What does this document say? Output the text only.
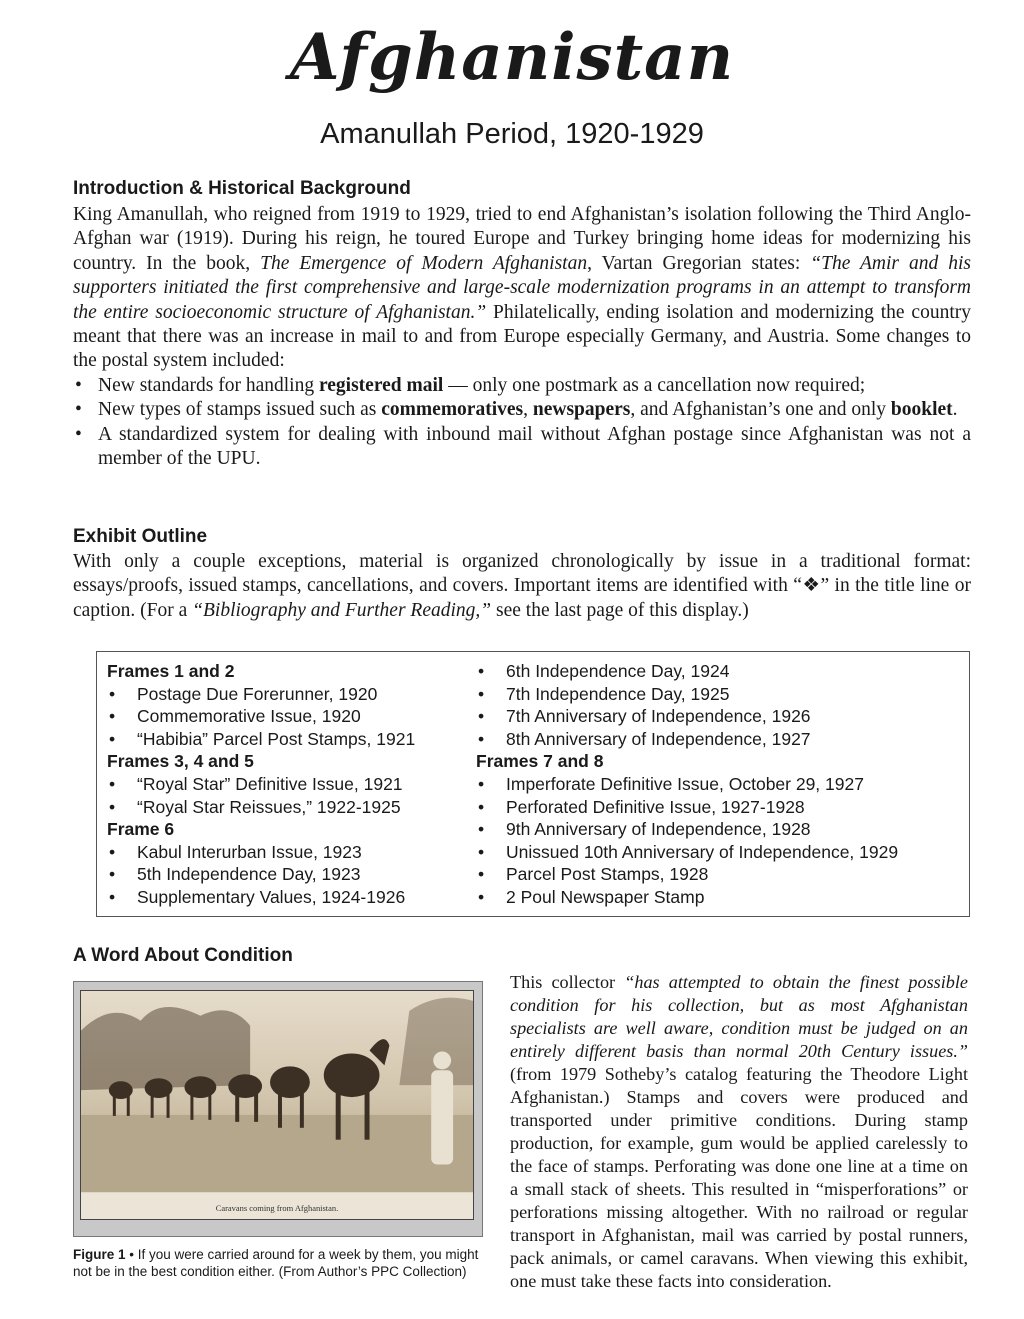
Afghanistan
Amanullah Period, 1920-1929
Introduction & Historical Background

King Amanullah, who reigned from 1919 to 1929, tried to end Afghanistan’s isolation following the Third Anglo-Afghan war (1919). During his reign, he toured Europe and Turkey bringing home ideas for modernizing his country. In the book, The Emergence of Modern Afghanistan, Vartan Gregorian states: “The Amir and his supporters initiated the first comprehensive and large-scale modernization programs in an attempt to transform the entire socioeconomic structure of Afghanistan.” Philatelically, ending isolation and modernizing the country meant that there was an increase in mail to and from Europe especially Germany, and Austria. Some changes to the postal system included:

• New standards for handling registered mail — only one postmark as a cancellation now required;
• New types of stamps issued such as commemoratives, newspapers, and Afghanistan’s one and only booklet.
• A standardized system for dealing with inbound mail without Afghan postage since Afghanistan was not a member of the UPU.
Exhibit Outline

With only a couple exceptions, material is organized chronologically by issue in a traditional format: essays/proofs, issued stamps, cancellations, and covers. Important items are identified with “❖” in the title line or caption. (For a “Bibliography and Further Reading,” see the last page of this display.)

Frames 1 and 2
• Postage Due Forerunner, 1920
• Commemorative Issue, 1920
• “Habibia” Parcel Post Stamps, 1921
Frames 3, 4 and 5
• “Royal Star” Definitive Issue, 1921
• “Royal Star Reissues,” 1922-1925
Frame 6
• Kabul Interurban Issue, 1923
• 5th Independence Day, 1923
• Supplementary Values, 1924-1926
• 6th Independence Day, 1924
• 7th Independence Day, 1925
• 7th Anniversary of Independence, 1926
• 8th Anniversary of Independence, 1927
Frames 7 and 8
• Imperforate Definitive Issue, October 29, 1927
• Perforated Definitive Issue, 1927-1928
• 9th Anniversary of Independence, 1928
• Unissued 10th Anniversary of Independence, 1929
• Parcel Post Stamps, 1928
• 2 Poul Newspaper Stamp
A Word About Condition
Caravans coming from Afghanistan.
Figure 1 • If you were carried around for a week by them, you might not be in the best condition either. (From Author’s PPC Collection)
This collector “has attempted to obtain the finest possible condition for his collection, but as most Afghanistan specialists are well aware, condition must be judged on an entirely different basis than normal 20th Century issues.” (from 1979 Sotheby’s catalog featuring the Theodore Light Afghanistan.) Stamps and covers were produced and transported under primitive conditions. During stamp production, for example, gum would be applied carelessly to the face of stamps. Perforating was done one line at a time on a small stack of sheets. This resulted in “misperforations” or perforations missing altogether. With no railroad or regular transport in Afghanistan, mail was carried by postal runners, pack animals, or camel caravans. When viewing this exhibit, one must take these facts into consideration.
